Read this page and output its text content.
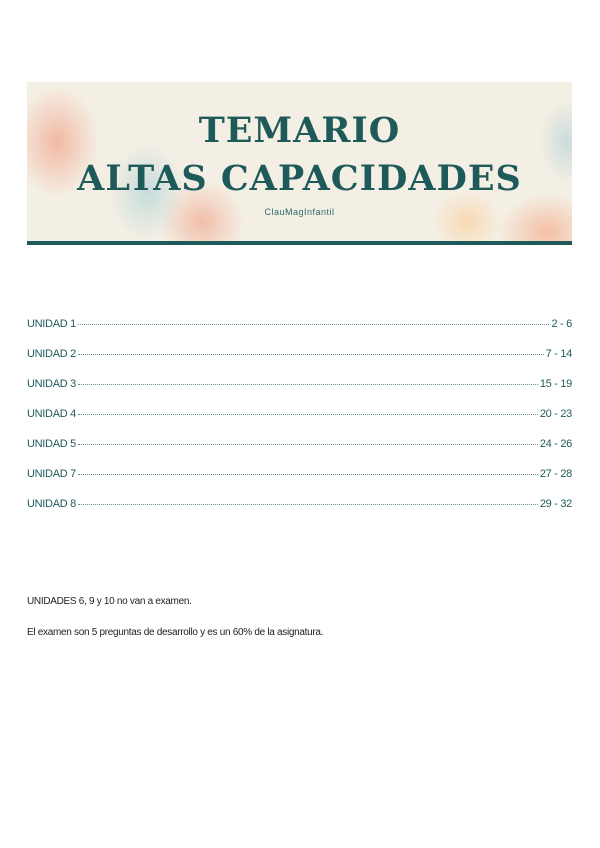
TEMARIO
ALTAS CAPACIDADES
ClauMagInfantil
UNIDAD 1	2 - 6
UNIDAD 2	7 - 14
UNIDAD 3	15 - 19
UNIDAD 4	20 - 23
UNIDAD 5	24 - 26
UNIDAD 7	27 - 28
UNIDAD 8	29 - 32
UNIDADES 6, 9 y 10 no van a examen.
El examen son 5 preguntas de desarrollo y es un 60% de la asignatura.
